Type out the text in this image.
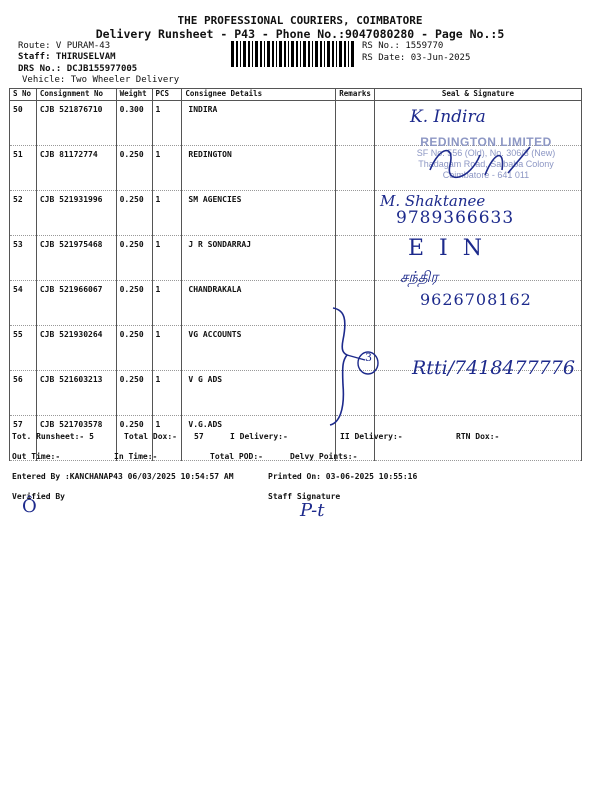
THE PROFESSIONAL COURIERS, COIMBATORE
Delivery Runsheet - P43 - Phone No.:9047080280 - Page No.:5
Route: V PURAM-43
Staff: THIRUSELVAM
DRS No.: DCJB155977005
Vehicle: Two Wheeler Delivery
RS No.: 1559770
RS Date: 03-Jun-2025
S No	Consignment No	Weight	PCS	Consignee Details	Remarks	Seal & Signature
50	CJB 521876710	0.300	1	INDIRA		
51	CJB 81172774	0.250	1	REDINGTON		
52	CJB 521931996	0.250	1	SM AGENCIES		
53	CJB 521975468	0.250	1	J R SONDARRAJ		
54	CJB 521966067	0.250	1	CHANDRAKALA		
55	CJB 521930264	0.250	1	VG ACCOUNTS		
56	CJB 521603213	0.250	1	V G ADS		
57	CJB 521703578	0.250	1	V.G.ADS		
K. Indira
REDINGTON LIMITED
SF No. 556 (Old), No. 306/3 (New)
Thadagam Road, Saibaba Colony
Coimbatore - 641 011
M. Shaktanee
9789366633
E I N
சந்திர
9626708162
3 Rtti/7418477776
Tot. Runsheet:- 5	Total Dox:- 57	I Delivery:-	II Delivery:-	RTN Dox:-
Out Time:-	In Time:-	Total POD:-	Delvy Points:-
Entered By :KANCHANAP43 06/03/2025 10:54:57 AM	Printed On: 03-06-2025 10:55:16
Verified By	Staff Signature
Ô	P-t
